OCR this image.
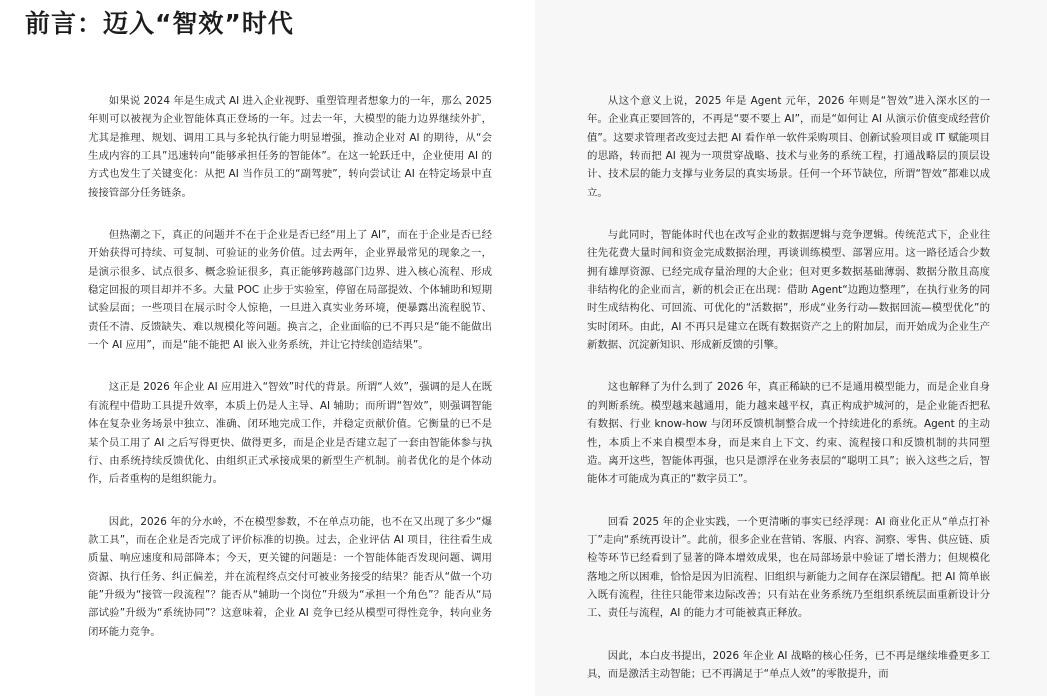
前言：迈入“智效”时代

如果说 2024 年是生成式 AI 进入企业视野、重塑管理者想象力的一年，那么 2025 年则可以被视为企业智能体真正登场的一年。过去一年，大模型的能力边界继续外扩，尤其是推理、规划、调用工具与多轮执行能力明显增强，推动企业对 AI 的期待，从“会生成内容的工具”迅速转向“能够承担任务的智能体”。在这一轮跃迁中，企业使用 AI 的方式也发生了关键变化：从把 AI 当作员工的“副驾驶”，转向尝试让 AI 在特定场景中直接接管部分任务链条。

但热潮之下，真正的问题并不在于企业是否已经“用上了 AI”，而在于企业是否已经开始获得可持续、可复制、可验证的业务价值。过去两年，企业界最常见的现象之一，是演示很多、试点很多、概念验证很多，真正能够跨越部门边界、进入核心流程、形成稳定回报的项目却并不多。大量 POC 止步于实验室，停留在局部提效、个体辅助和短期试验层面；一些项目在展示时令人惊艳，一旦进入真实业务环境，便暴露出流程脱节、责任不清、反馈缺失、难以规模化等问题。换言之，企业面临的已不再只是“能不能做出一个 AI 应用”，而是“能不能把 AI 嵌入业务系统，并让它持续创造结果”。

这正是 2026 年企业 AI 应用进入“智效”时代的背景。所谓“人效”，强调的是人在既有流程中借助工具提升效率，本质上仍是人主导、AI 辅助；而所谓“智效”，则强调智能体在复杂业务场景中独立、准确、闭环地完成工作，并稳定贡献价值。它衡量的已不是某个员工用了 AI 之后写得更快、做得更多，而是企业是否建立起了一套由智能体参与执行、由系统持续反馈优化、由组织正式承接成果的新型生产机制。前者优化的是个体动作，后者重构的是组织能力。

因此，2026 年的分水岭，不在模型参数，不在单点功能，也不在又出现了多少“爆款工具”，而在企业是否完成了评价标准的切换。过去，企业评估 AI 项目，往往看生成质量、响应速度和局部降本；今天，更关键的问题是：一个智能体能否发现问题、调用资源、执行任务、纠正偏差，并在流程终点交付可被业务接受的结果？能否从“做一个功能”升级为“接管一段流程”？能否从“辅助一个岗位”升级为“承担一个角色”？能否从“局部试验”升级为“系统协同”？这意味着，企业 AI 竞争已经从模型可得性竞争，转向业务闭环能力竞争。

从这个意义上说，2025 年是 Agent 元年，2026 年则是“智效”进入深水区的一年。企业真正要回答的，不再是“要不要上 AI”，而是“如何让 AI 从演示价值变成经营价值”。这要求管理者改变过去把 AI 看作单一软件采购项目、创新试验项目或 IT 赋能项目的思路，转而把 AI 视为一项贯穿战略、技术与业务的系统工程，打通战略层的顶层设计、技术层的能力支撑与业务层的真实场景。任何一个环节缺位，所谓“智效”都难以成立。

与此同时，智能体时代也在改写企业的数据逻辑与竞争逻辑。传统范式下，企业往往先花费大量时间和资金完成数据治理，再谈训练模型、部署应用。这一路径适合少数拥有雄厚资源、已经完成存量治理的大企业；但对更多数据基础薄弱、数据分散且高度非结构化的企业而言，新的机会正在出现：借助 Agent“边跑边整理”，在执行业务的同时生成结构化、可回流、可优化的“活数据”，形成“业务行动—数据回流—模型优化”的实时闭环。由此，AI 不再只是建立在既有数据资产之上的附加层，而开始成为企业生产新数据、沉淀新知识、形成新反馈的引擎。

这也解释了为什么到了 2026 年，真正稀缺的已不是通用模型能力，而是企业自身的判断系统。模型越来越通用，能力越来越平权，真正构成护城河的，是企业能否把私有数据、行业 know-how 与闭环反馈机制整合成一个持续进化的系统。Agent 的主动性，本质上不来自模型本身，而是来自上下文、约束、流程接口和反馈机制的共同塑造。离开这些，智能体再强，也只是漂浮在业务表层的“聪明工具”；嵌入这些之后，智能体才可能成为真正的“数字员工”。

回看 2025 年的企业实践，一个更清晰的事实已经浮现：AI 商业化正从“单点打补丁”走向“系统再设计”。此前，很多企业在营销、客服、内容、洞察、零售、供应链、质检等环节已经看到了显著的降本增效成果，也在局部场景中验证了增长潜力；但规模化落地之所以困难，恰恰是因为旧流程、旧组织与新能力之间存在深层错配。把 AI 简单嵌入既有流程，往往只能带来边际改善；只有站在业务系统乃至组织系统层面重新设计分工、责任与流程，AI 的能力才可能被真正释放。

因此，本白皮书提出，2026 年企业 AI 战略的核心任务，已不再是继续堆叠更多工具，而是激活主动智能；已不再满足于“单点人效”的零散提升，而
